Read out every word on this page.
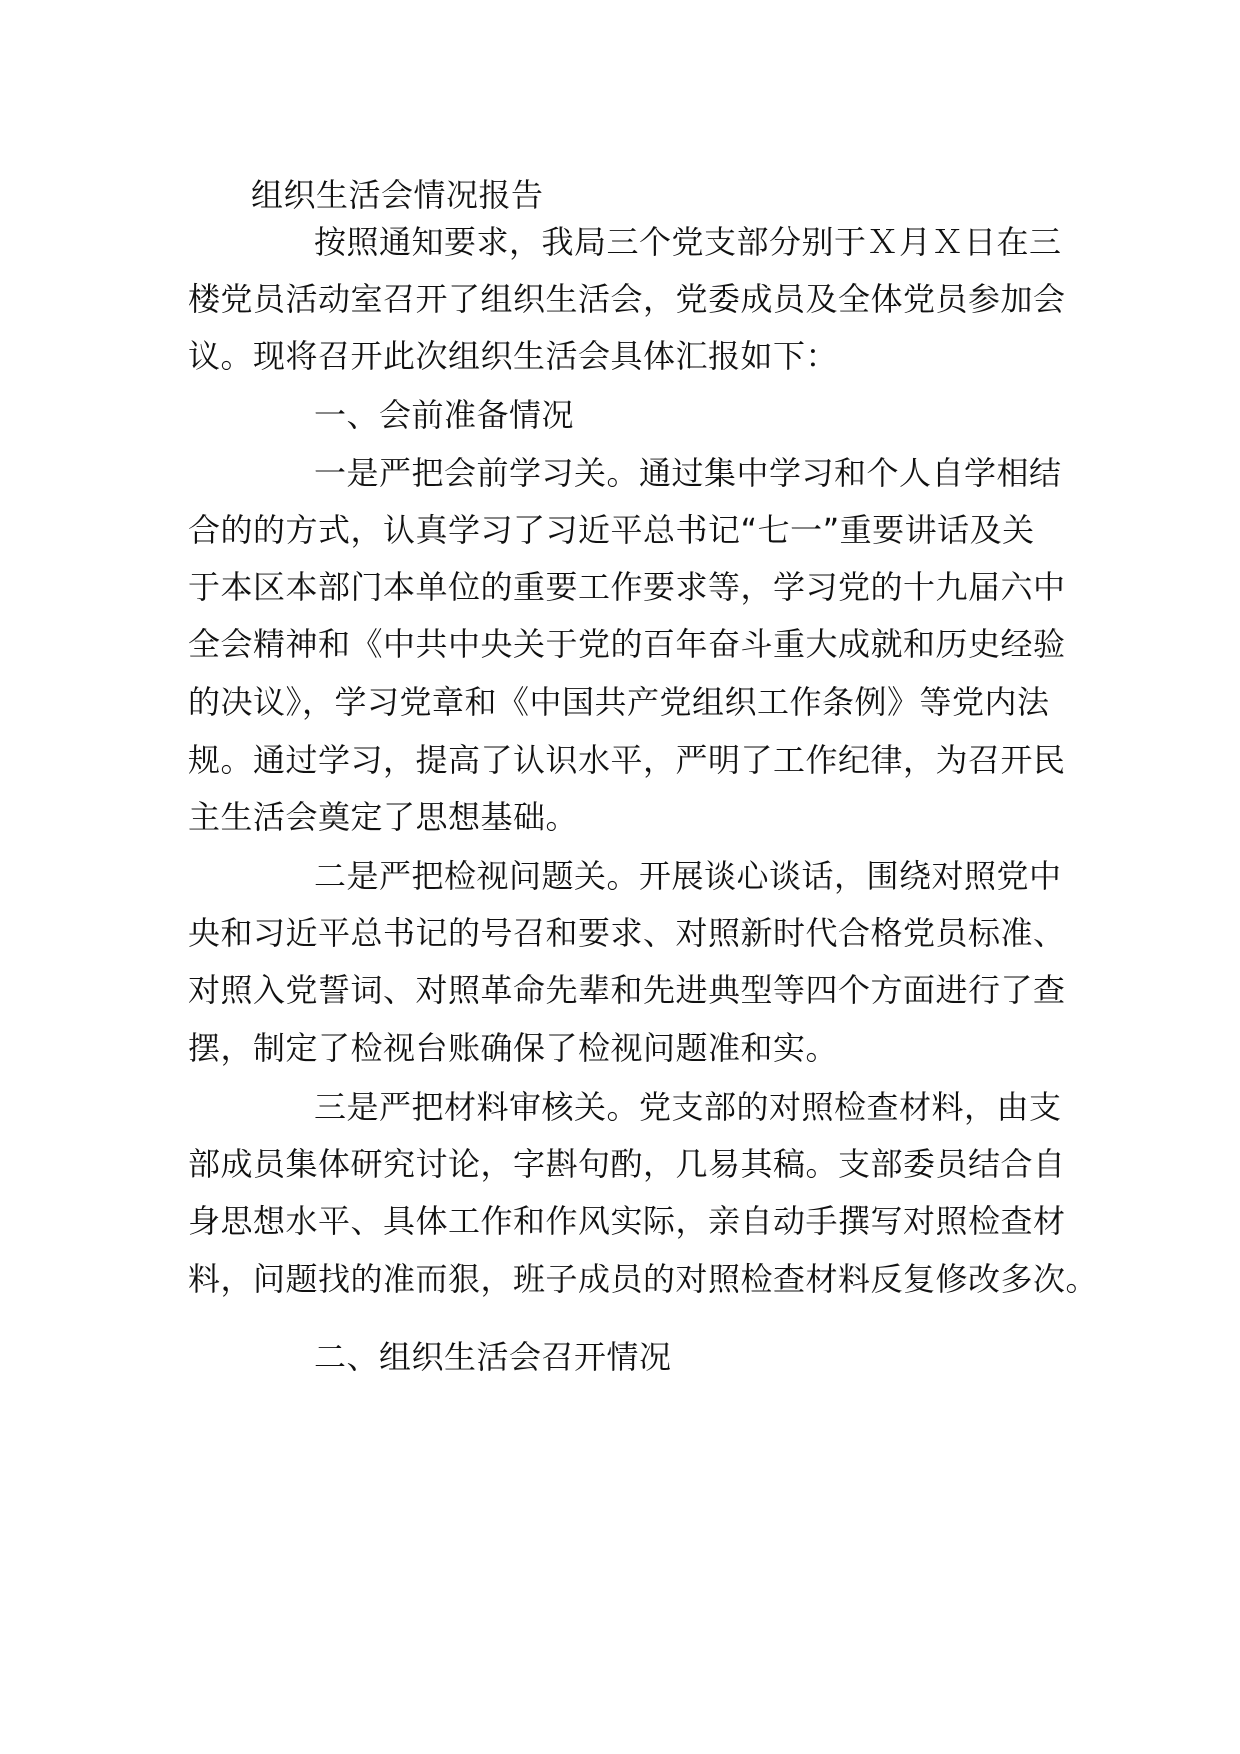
组织生活会情况报告
按照通知要求，我局三个党支部分别于Ｘ月Ｘ日在三
楼党员活动室召开了组织生活会，党委成员及全体党员参加会
议。现将召开此次组织生活会具体汇报如下：
一、会前准备情况
一是严把会前学习关。通过集中学习和个人自学相结
合的的方式，认真学习了习近平总书记“七一”重要讲话及关
于本区本部门本单位的重要工作要求等，学习党的十九届六中
全会精神和《中共中央关于党的百年奋斗重大成就和历史经验
的决议》，学习党章和《中国共产党组织工作条例》等党内法
规。通过学习，提高了认识水平，严明了工作纪律，为召开民
主生活会奠定了思想基础。
二是严把检视问题关。开展谈心谈话，围绕对照党中
央和习近平总书记的号召和要求、对照新时代合格党员标准、
对照入党誓词、对照革命先辈和先进典型等四个方面进行了查
摆，制定了检视台账确保了检视问题准和实。
三是严把材料审核关。党支部的对照检查材料，由支
部成员集体研究讨论，字斟句酌，几易其稿。支部委员结合自
身思想水平、具体工作和作风实际，亲自动手撰写对照检查材
料，问题找的准而狠，班子成员的对照检查材料反复修改多次。
二、组织生活会召开情况
